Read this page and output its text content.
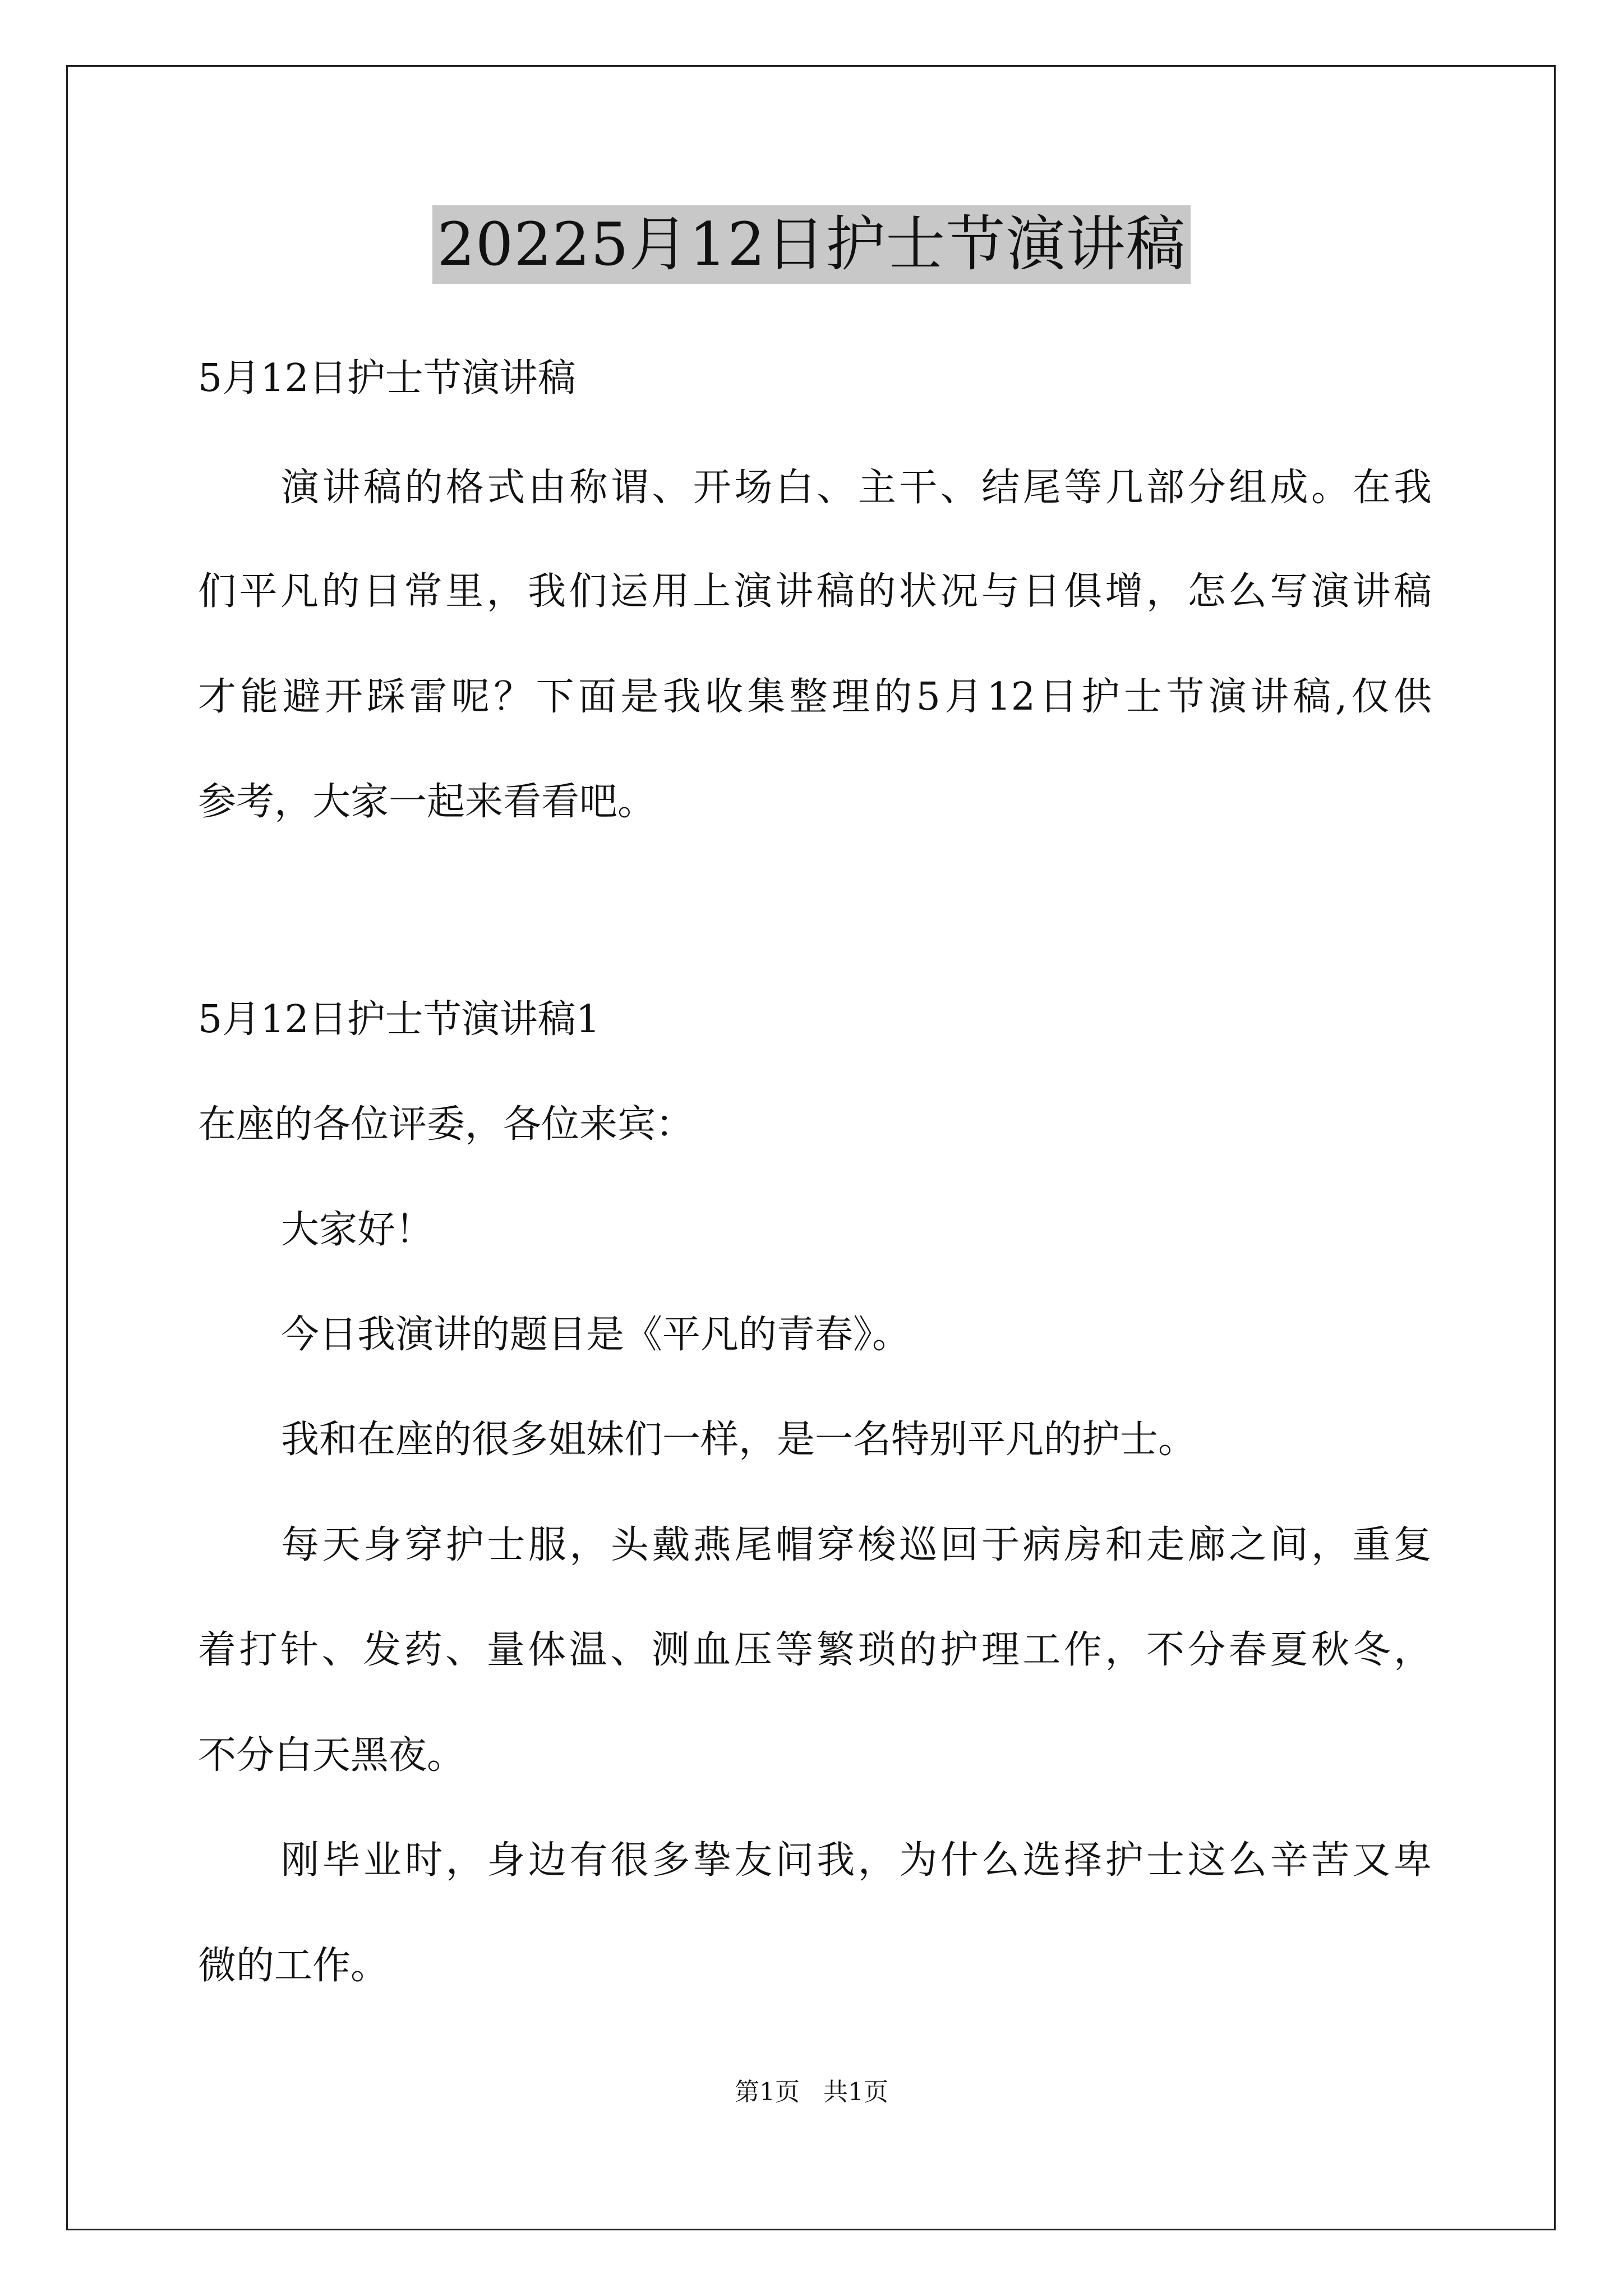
20225月12日护士节演讲稿
5月12日护士节演讲稿
演讲稿的格式由称谓、开场白、主干、结尾等几部分组成。在我
们平凡的日常里，我们运用上演讲稿的状况与日俱增，怎么写演讲稿
才能避开踩雷呢？下面是我收集整理的5月12日护士节演讲稿,仅供
参考，大家一起来看看吧。
5月12日护士节演讲稿1
在座的各位评委，各位来宾：
大家好！
今日我演讲的题目是《平凡的青春》。
我和在座的很多姐妹们一样，是一名特别平凡的护士。
每天身穿护士服，头戴燕尾帽穿梭巡回于病房和走廊之间，重复
着打针、发药、量体温、测血压等繁琐的护理工作，不分春夏秋冬，
不分白天黑夜。
刚毕业时，身边有很多挚友问我，为什么选择护士这么辛苦又卑
微的工作。
第1页   共1页
